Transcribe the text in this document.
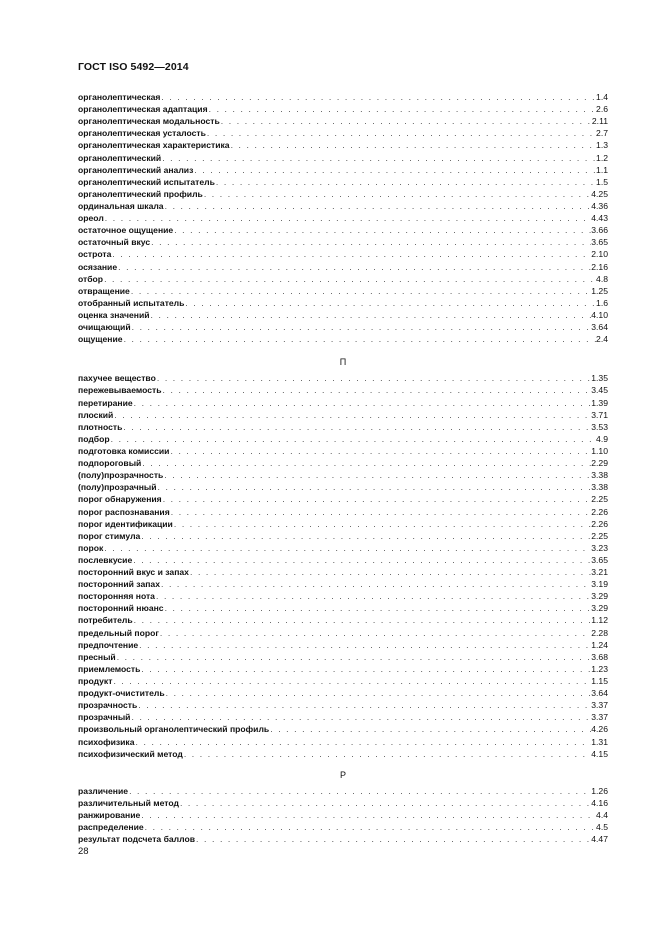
ГОСТ ISO 5492—2014
органолептическая . . .	1.4
органолептическая адаптация . . .	2.6
органолептическая модальность . . .	2.11
органолептическая усталость . . .	2.7
органолептическая характеристика . . .	1.3
органолептический . . .	1.2
органолептический анализ . . .	1.1
органолептический испытатель . . .	1.5
органолептический профиль . . .	4.25
ординальная шкала . . .	4.36
ореол . . .	4.43
остаточное ощущение . . .	3.66
остаточный вкус . . .	3.65
острота . . .	2.10
осязание . . .	2.16
отбор . . .	4.8
отвращение . . .	1.25
отобранный испытатель . . .	1.6
оценка значений . . .	4.10
очищающий . . .	3.64
ощущение . . .	2.4
П
пахучее вещество . . .	1.35
пережевываемость . . .	3.45
перетирание . . .	1.39
плоский . . .	3.71
плотность . . .	3.53
подбор . . .	4.9
подготовка комиссии . . .	1.10
подпороговый . . .	2.29
(полу)прозрачность . . .	3.38
(полу)прозрачный . . .	3.38
порог обнаружения . . .	2.25
порог распознавания . . .	2.26
порог идентификации . . .	2.26
порог стимула . . .	2.25
порок . . .	3.23
послевкусие . . .	3.65
посторонний вкус и запах . . .	3.21
посторонний запах . . .	3.19
посторонняя нота . . .	3.29
посторонний нюанс . . .	3.29
потребитель . . .	1.12
предельный порог . . .	2.28
предпочтение . . .	1.24
пресный . . .	3.68
приемлемость . . .	1.23
продукт . . .	1.15
продукт-очиститель . . .	3.64
прозрачность . . .	3.37
прозрачный . . .	3.37
произвольный органолептический профиль . . .	4.26
психофизика . . .	1.31
психофизический метод . . .	4.15
Р
различение . . .	1.26
различительный метод . . .	4.16
ранжирование . . .	4.4
распределение . . .	4.5
результат подсчета баллов . . .	4.47
28
